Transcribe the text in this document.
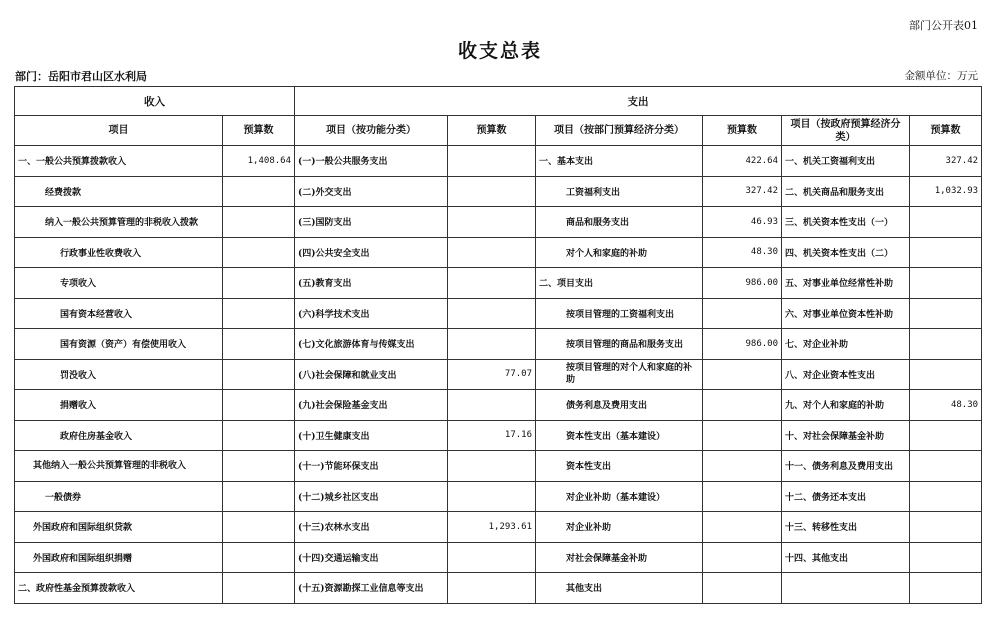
部门公开表01
收支总表
部门：岳阳市君山区水利局	金额单位：万元
收入		支出					
项目	预算数	项目（按功能分类）	预算数	项目（按部门预算经济分类）	预算数	项目（按政府预算经济分类）	预算数
一、一般公共预算拨款收入	1,408.64	(一)一般公共服务支出		一、基本支出	422.64	一、机关工资福利支出	327.42
经费拨款		(二)外交支出		工资福利支出	327.42	二、机关商品和服务支出	1,032.93
纳入一般公共预算管理的非税收入拨款		(三)国防支出		商品和服务支出	46.93	三、机关资本性支出（一）	
行政事业性收费收入		(四)公共安全支出		对个人和家庭的补助	48.30	四、机关资本性支出（二）	
专项收入		(五)教育支出		二、项目支出	986.00	五、对事业单位经常性补助	
国有资本经营收入		(六)科学技术支出		按项目管理的工资福利支出		六、对事业单位资本性补助	
国有资源（资产）有偿使用收入		(七)文化旅游体育与传媒支出		按项目管理的商品和服务支出	986.00	七、对企业补助	
罚没收入		(八)社会保障和就业支出	77.07	按项目管理的对个人和家庭的补助		八、对企业资本性支出	
捐赠收入		(九)社会保险基金支出		债务利息及费用支出		九、对个人和家庭的补助	48.30
政府住房基金收入		(十)卫生健康支出	17.16	资本性支出（基本建设）		十、对社会保障基金补助	
其他纳入一般公共预算管理的非税收入		(十一)节能环保支出		资本性支出		十一、债务利息及费用支出	
一般债券		(十二)城乡社区支出		对企业补助（基本建设）		十二、债务还本支出	
外国政府和国际组织贷款		(十三)农林水支出	1,293.61	对企业补助		十三、转移性支出	
外国政府和国际组织捐赠		(十四)交通运输支出		对社会保障基金补助		十四、其他支出	
二、政府性基金预算拨款收入		(十五)资源勘探工业信息等支出		其他支出			
